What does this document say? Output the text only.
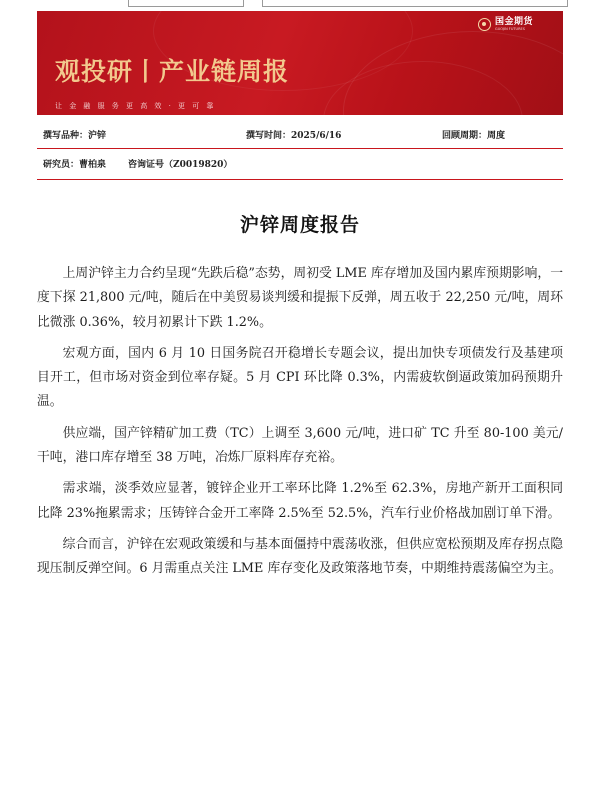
国金期货
GUOJIN FUTURES
观投研丨产业链周报
让金融服务更高效·更可靠
撰写品种：沪锌	撰写时间：2025/6/16	回顾周期：周度
研究员：曹柏泉 咨询证号（Z0019820）
沪锌周度报告

上周沪锌主力合约呈现“先跌后稳”态势，周初受 LME 库存增加及国内累库预期影响，一度下探 21,800 元/吨，随后在中美贸易谈判缓和提振下反弹，周五收于 22,250 元/吨，周环比微涨 0.36%，较月初累计下跌 1.2%。

宏观方面，国内 6 月 10 日国务院召开稳增长专题会议，提出加快专项债发行及基建项目开工，但市场对资金到位率存疑。5 月 CPI 环比降 0.3%，内需疲软倒逼政策加码预期升温。

供应端，国产锌精矿加工费（TC）上调至 3,600 元/吨，进口矿 TC 升至 80-100 美元/干吨，港口库存增至 38 万吨，冶炼厂原料库存充裕。

需求端，淡季效应显著，镀锌企业开工率环比降 1.2%至 62.3%，房地产新开工面积同比降 23%拖累需求；压铸锌合金开工率降 2.5%至 52.5%，汽车行业价格战加剧订单下滑。

综合而言，沪锌在宏观政策缓和与基本面僵持中震荡收涨，但供应宽松预期及库存拐点隐现压制反弹空间。6 月需重点关注 LME 库存变化及政策落地节奏，中期维持震荡偏空为主。
